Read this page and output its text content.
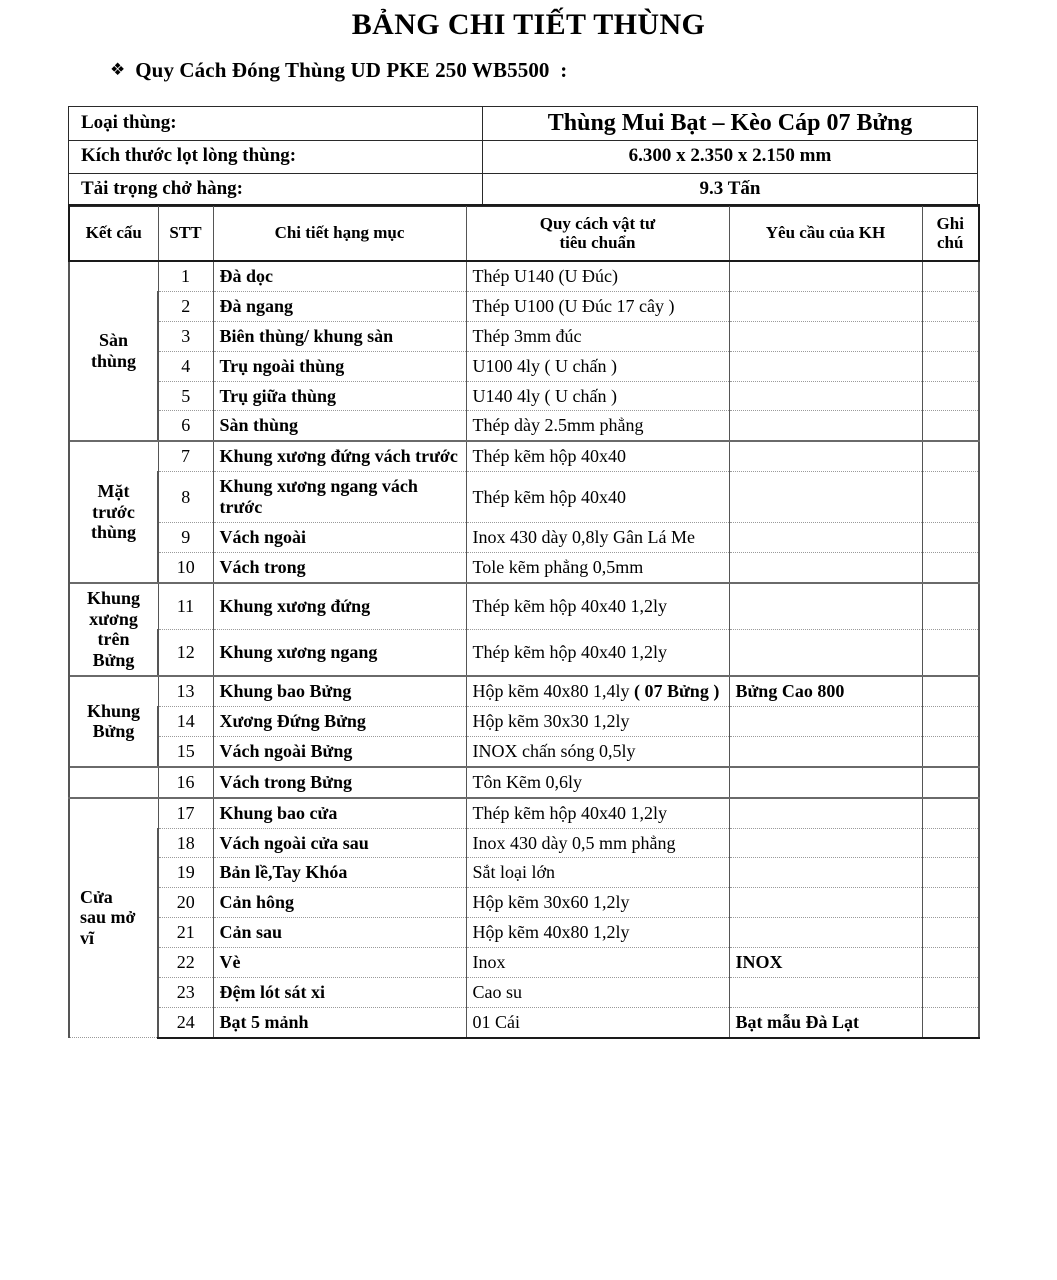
BẢNG CHI TIẾT THÙNG
❖ Quy Cách Đóng Thùng UD PKE 250 WB5500  :
Loại thùng:	Thùng Mui Bạt – Kèo Cáp 07 Bửng
Kích thước lọt lòng thùng:	6.300 x 2.350 x 2.150 mm
Tải trọng chở hàng:	9.3 Tấn
Kết cấu	STT	Chi tiết hạng mục	Quy cách vật tư
tiêu chuẩn	Yêu cầu của KH	Ghi
chú
Sàn
thùng	1	Đà dọc	Thép U140 (U Đúc)		
	2	Đà ngang	Thép U100 (U Đúc 17 cây )		
	3	Biên thùng/ khung sàn	Thép 3mm đúc		
	4	Trụ ngoài thùng	U100 4ly ( U chấn )		
	5	Trụ giữa thùng	U140 4ly ( U chấn )		
	6	Sàn thùng	Thép dày 2.5mm phẳng		
Mặt
trước
thùng	7	Khung xương đứng vách trước	Thép kẽm hộp 40x40		
	8	Khung xương ngang vách trước	Thép kẽm hộp 40x40		
	9	Vách ngoài	Inox 430 dày 0,8ly Gân Lá Me		
	10	Vách trong	Tole kẽm phẳng 0,5mm		
Khung
xương
trên
Bửng	11	Khung xương đứng	Thép kẽm hộp 40x40 1,2ly		
	12	Khung xương ngang	Thép kẽm hộp 40x40 1,2ly		
Khung
Bửng	13	Khung bao Bửng	Hộp kẽm 40x80 1,4ly ( 07 Bửng )	Bửng Cao 800	
	14	Xương Đứng Bửng	Hộp kẽm 30x30 1,2ly		
	15	Vách ngoài Bửng	INOX chấn sóng 0,5ly		
	16	Vách trong Bửng	Tôn Kẽm 0,6ly		
Cửa
sau mở
vĩ	17	Khung bao cửa	Thép kẽm hộp 40x40 1,2ly		
	18	Vách ngoài cửa sau	Inox 430 dày 0,5 mm phẳng		
	19	Bản lề,Tay Khóa	Sắt loại lớn		
	20	Cản hông	Hộp kẽm 30x60 1,2ly		
	21	Cản sau	Hộp kẽm 40x80 1,2ly		
	22	Vè	Inox	INOX	
	23	Đệm lót sát xi	Cao su		
	24	Bạt 5 mảnh	01 Cái	Bạt mẫu Đà Lạt	
